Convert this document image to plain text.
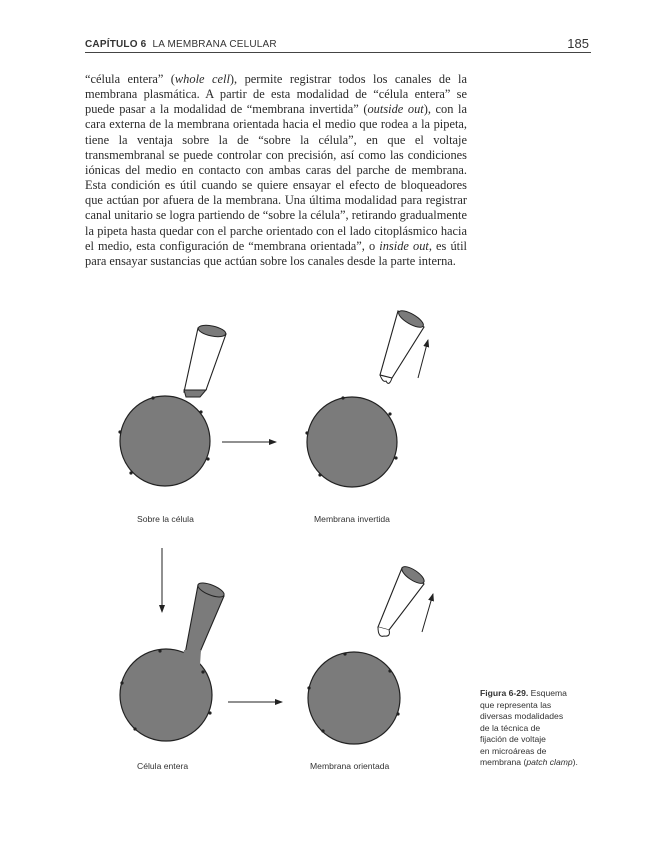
CAPÍTULO 6 LA MEMBRANA CELULAR	185

“célula entera” (whole cell), permite registrar todos los canales de la membrana plasmática. A partir de esta modalidad de “célula entera” se puede pasar a la modalidad de “membrana invertida” (outside out), con la cara externa de la membrana orientada hacia el medio que rodea a la pipeta, tiene la ventaja sobre la de “sobre la célula”, en que el voltaje transmembranal se puede controlar con precisión, así como las condiciones iónicas del medio en contacto con ambas caras del parche de membrana. Esta condición es útil cuando se quiere ensayar el efecto de bloqueadores que actúan por afuera de la membrana. Una última modalidad para registrar canal unitario se logra partiendo de “sobre la célula”, retirando gradualmente la pipeta hasta quedar con el parche orientado con el lado citoplásmico hacia el medio, esta configuración de “membrana orientada”, o inside out, es útil para ensayar sustancias que actúan sobre los canales desde la parte interna.

Sobre la célula	Membrana invertida
Célula entera	Membrana orientada
Figura 6-29. Esquema
que representa las
diversas modalidades
de la técnica de
fijación de voltaje
en microáreas de
membrana (patch clamp).
